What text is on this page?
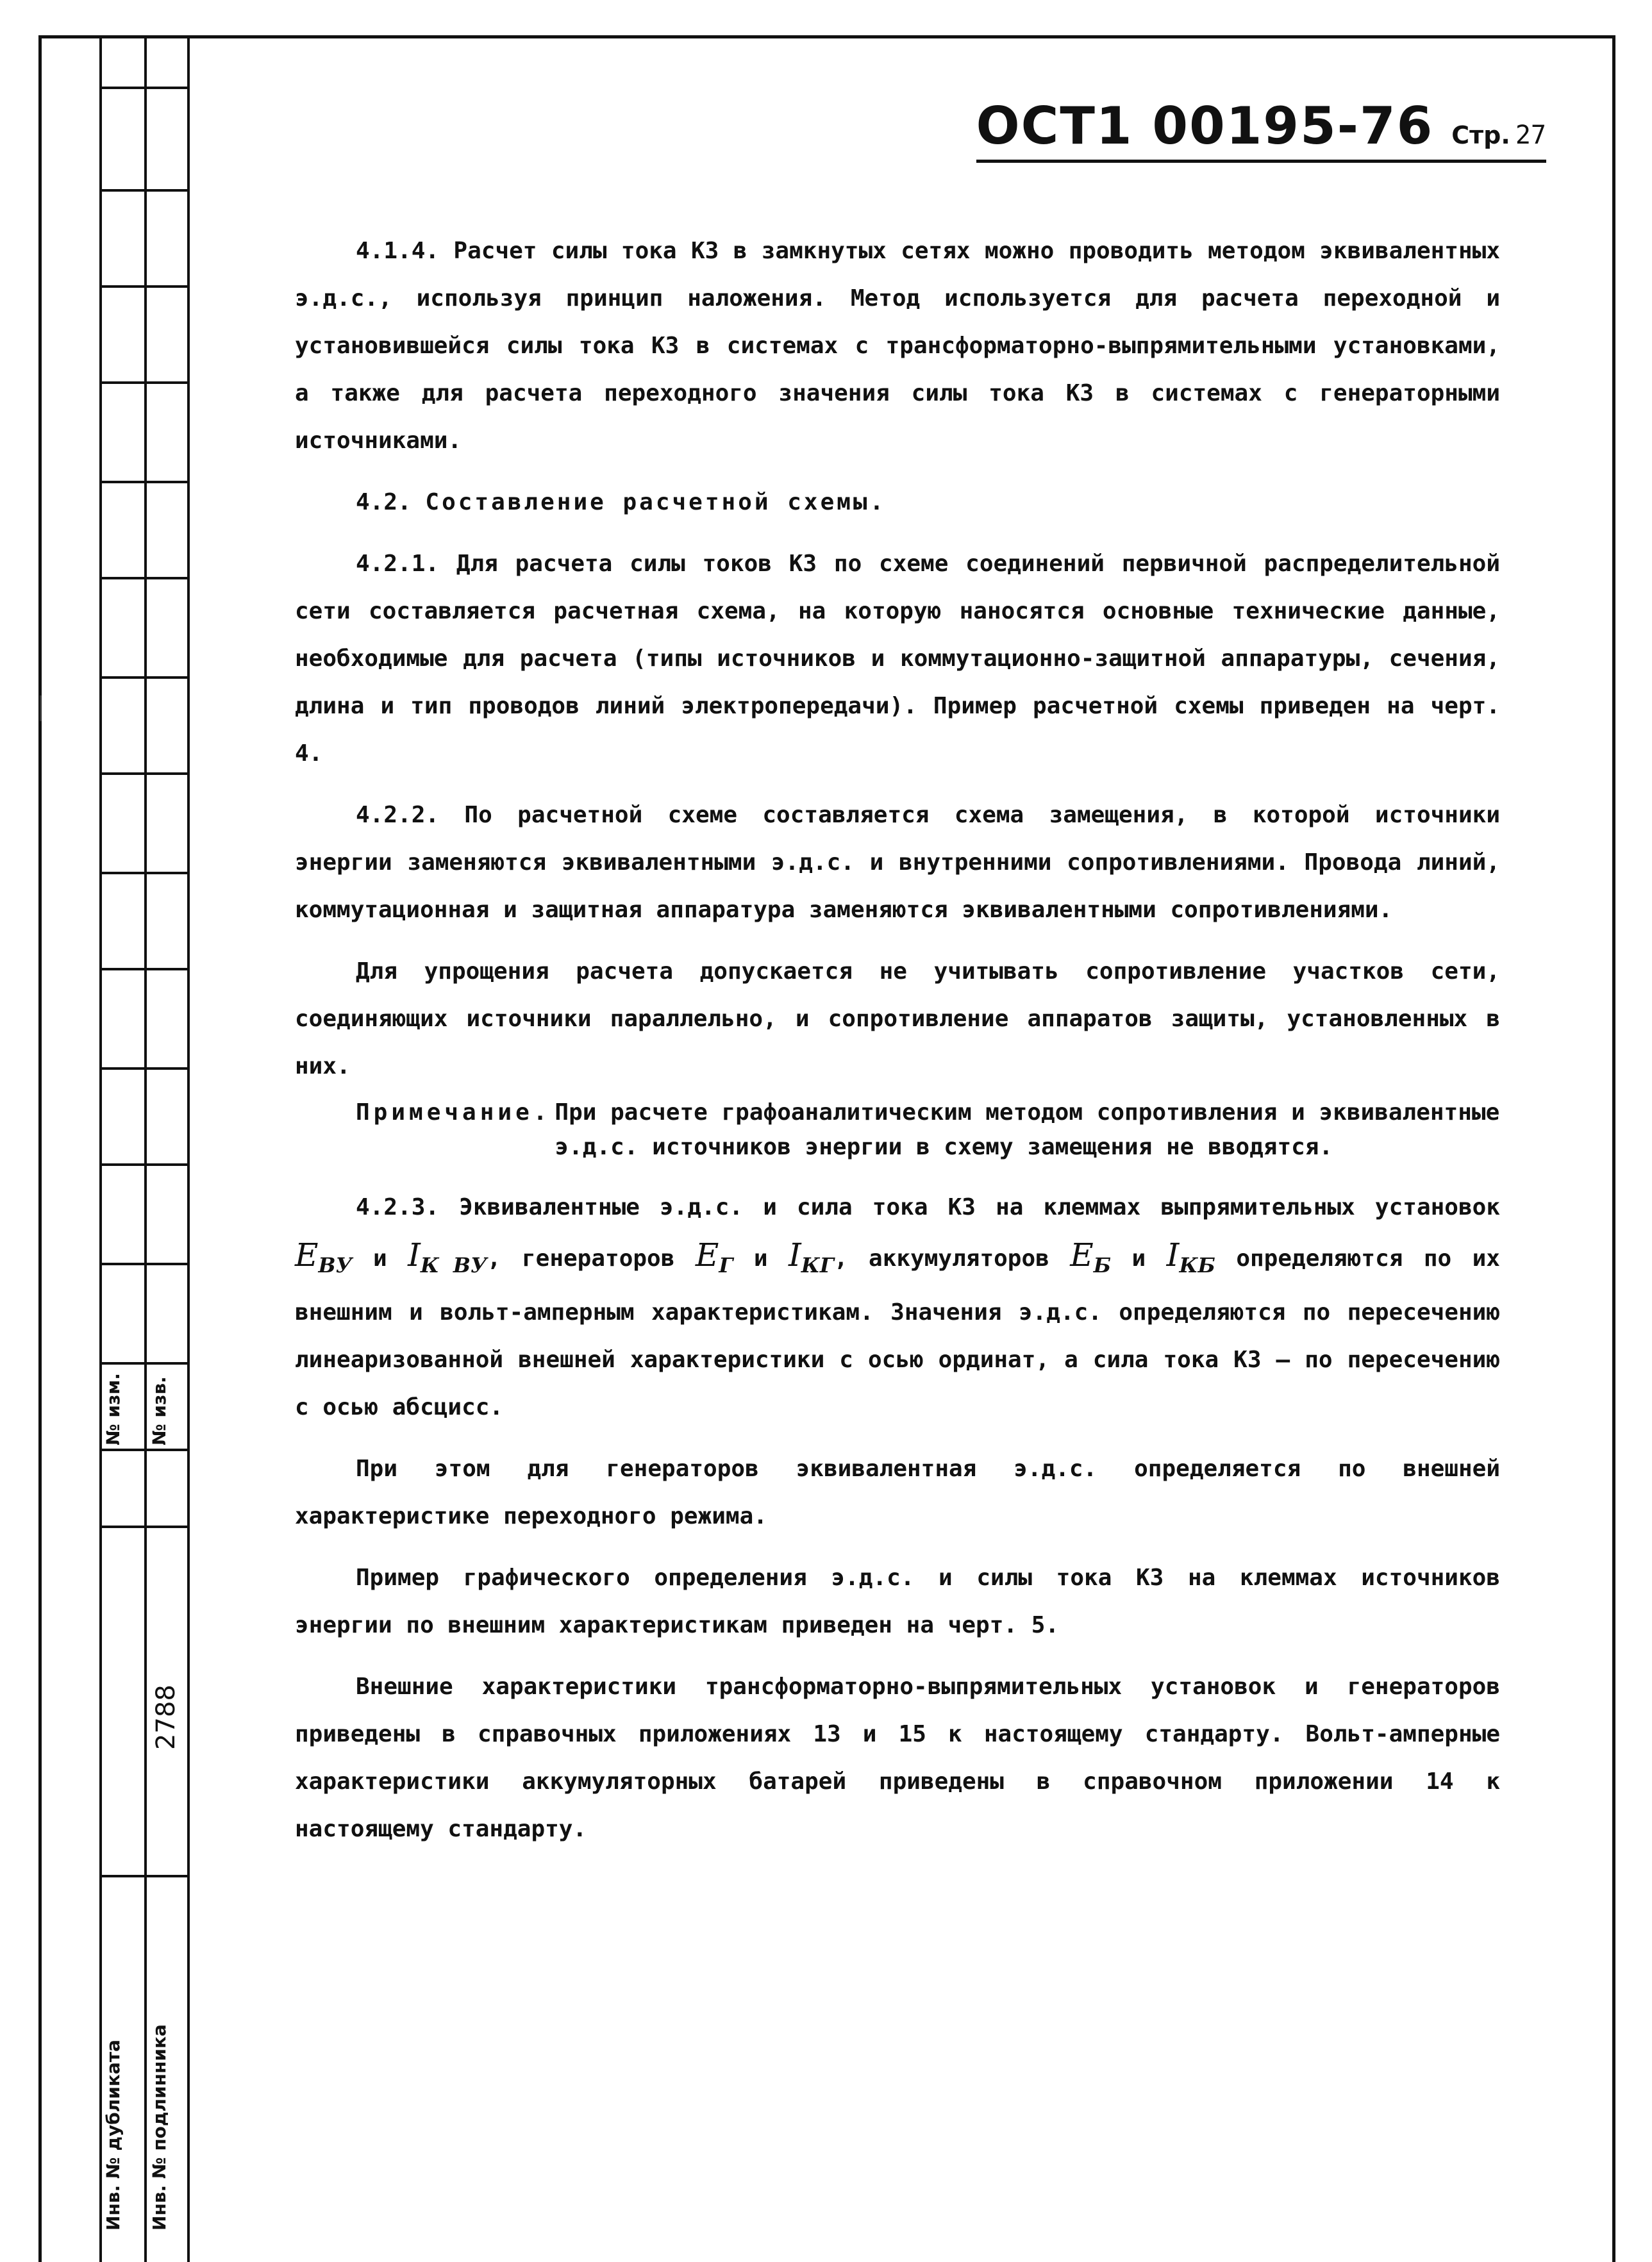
№ изм. № изв.
2788
Инв. № дубликата Инв. № подлинника
ОСТ1 00195-76 Стр. 27

4.1.4. Расчет силы тока КЗ в замкнутых сетях можно проводить методом эквивалентных э.д.с., используя принцип наложения. Метод используется для расчета переходной и установившейся силы тока КЗ в системах с трансформаторно-выпрямительными установками, а также для расчета переходного значения силы тока КЗ в системах с генераторными источниками.

4.2. Составление расчетной схемы.

4.2.1. Для расчета силы токов КЗ по схеме соединений первичной распределительной сети составляется расчетная схема, на которую наносятся основные технические данные, необходимые для расчета (типы источников и коммутационно-защитной аппаратуры, сечения, длина и тип проводов линий электропередачи). Пример расчетной схемы приведен на черт. 4.

4.2.2. По расчетной схеме составляется схема замещения, в которой источники энергии заменяются эквивалентными э.д.с. и внутренними сопротивлениями. Провода линий, коммутационная и защитная аппаратура заменяются эквивалентными сопротивлениями.

Для упрощения расчета допускается не учитывать сопротивление участков сети, соединяющих источники параллельно, и сопротивление аппаратов защиты, установленных в них.

Примечание. При расчете графоаналитическим методом сопротивления и эквивалентные э.д.с. источников энергии в схему замещения не вводятся.

4.2.3. Эквивалентные э.д.с. и сила тока КЗ на клеммах выпрямительных установок EВУ и IК ВУ, генераторов EГ и IКГ, аккумуляторов EБ и IКБ определяются по их внешним и вольт-амперным характеристикам. Значения э.д.с. определяются по пересечению линеаризованной внешней характеристики с осью ординат, а сила тока КЗ – по пересечению с осью абсцисс.

При этом для генераторов эквивалентная э.д.с. определяется по внешней характеристике переходного режима.

Пример графического определения э.д.с. и силы тока КЗ на клеммах источников энергии по внешним характеристикам приведен на черт. 5.

Внешние характеристики трансформаторно-выпрямительных установок и генераторов приведены в справочных приложениях 13 и 15 к настоящему стандарту. Вольт-амперные характеристики аккумуляторных батарей приведены в справочном приложении 14 к настоящему стандарту.
